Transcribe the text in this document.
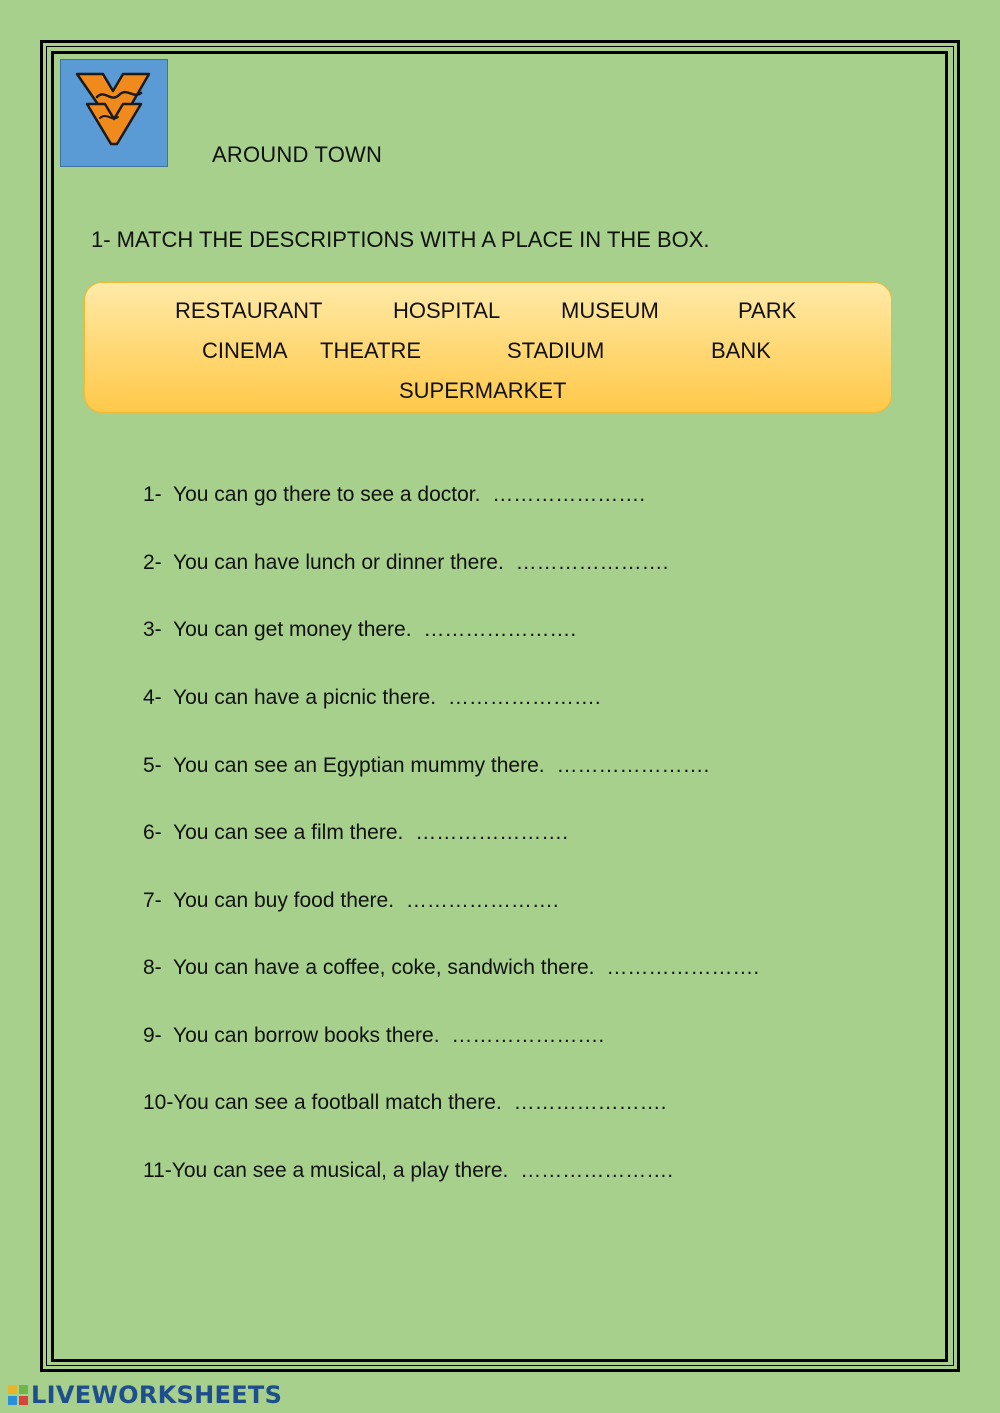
AROUND TOWN
1- MATCH THE DESCRIPTIONS WITH A PLACE IN THE BOX.
RESTAURANT	HOSPITAL	MUSEUM	PARK
CINEMA THEATRE	STADIUM	BANK
SUPERMARKET
1- You can go there to see a doctor. ………………….
2- You can have lunch or dinner there. ………………….
3- You can get money there. ………………….
4- You can have a picnic there. ………………….
5- You can see an Egyptian mummy there. ………………….
6- You can see a film there. ………………….
7- You can buy food there. ………………….
8- You can have a coffee, coke, sandwich there. ………………….
9- You can borrow books there. ………………….
10-You can see a football match there. ………………….
11-You can see a musical, a play there. ………………….
LIVEWORKSHEETS
